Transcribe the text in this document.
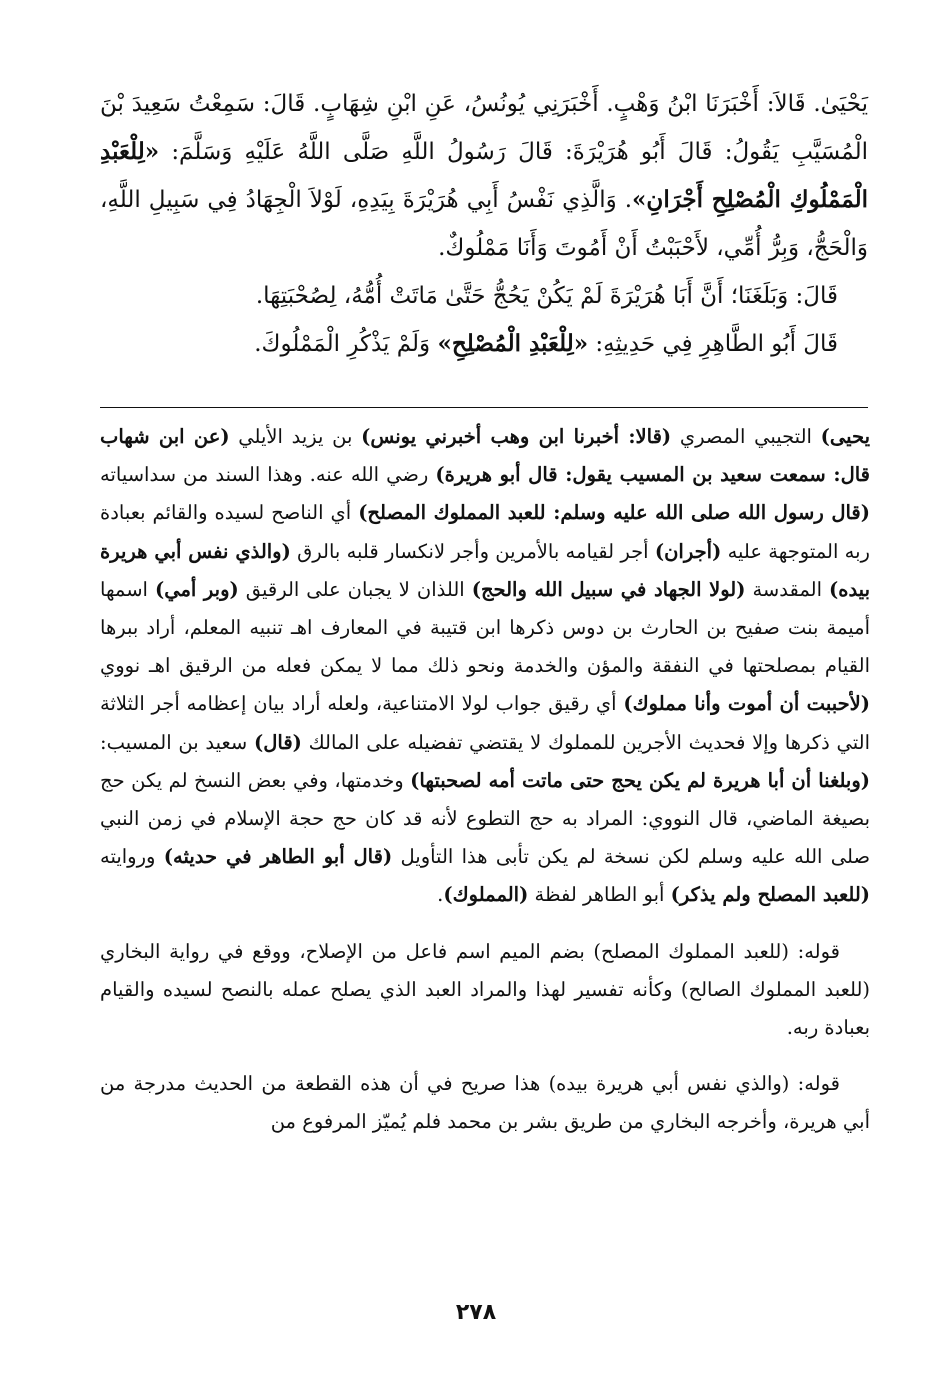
يَحْيَىٰ. قَالاَ: أَخْبَرَنَا ابْنُ وَهْبٍ. أَخْبَرَنِي يُونُسُ، عَنِ ابْنِ شِهَابٍ. قَالَ: سَمِعْتُ سَعِيدَ بْنَ الْمُسَيَّبِ يَقُولُ: قَالَ أَبُو هُرَيْرَةَ: قَالَ رَسُولُ اللَّهِ صَلَّى اللَّهُ عَلَيْهِ وَسَلَّمَ: «لِلْعَبْدِ الْمَمْلُوكِ الْمُصْلِحِ أَجْرَانِ». وَالَّذِي نَفْسُ أَبِي هُرَيْرَةَ بِيَدِهِ، لَوْلاَ الْجِهَادُ فِي سَبِيلِ اللَّهِ، وَالْحَجُّ، وَبِرُّ أُمِّي، لأَحْبَبْتُ أَنْ أَمُوتَ وَأَنَا مَمْلُوكٌ.

قَالَ: وَبَلَغَنَا؛ أَنَّ أَبَا هُرَيْرَةَ لَمْ يَكُنْ يَحُجُّ حَتَّىٰ مَاتَتْ أُمُّهُ، لِصُحْبَتِهَا.

قَالَ أَبُو الطَّاهِرِ فِي حَدِيثِهِ: «لِلْعَبْدِ الْمُصْلِحِ» وَلَمْ يَذْكُرِ الْمَمْلُوكَ.

يحيى) التجيبي المصري (قالا: أخبرنا ابن وهب أخبرني يونس) بن يزيد الأيلي (عن ابن شهاب قال: سمعت سعيد بن المسيب يقول: قال أبو هريرة) رضي الله عنه. وهذا السند من سداسياته (قال رسول الله صلى الله عليه وسلم: للعبد المملوك المصلح) أي الناصح لسيده والقائم بعبادة ربه المتوجهة عليه (أجران) أجر لقيامه بالأمرين وأجر لانكسار قلبه بالرق (والذي نفس أبي هريرة بيده) المقدسة (لولا الجهاد في سبيل الله والحج) اللذان لا يجبان على الرقيق (وبر أمي) اسمها أميمة بنت صفيح بن الحارث بن دوس ذكرها ابن قتيبة في المعارف اهـ تنبيه المعلم، أراد ببرها القيام بمصلحتها في النفقة والمؤن والخدمة ونحو ذلك مما لا يمكن فعله من الرقيق اهـ نووي (لأحببت أن أموت وأنا مملوك) أي رقيق جواب لولا الامتناعية، ولعله أراد بيان إعظامه أجر الثلاثة التي ذكرها وإلا فحديث الأجرين للمملوك لا يقتضي تفضيله على المالك (قال) سعيد بن المسيب: (وبلغنا أن أبا هريرة لم يكن يحج حتى ماتت أمه لصحبتها) وخدمتها، وفي بعض النسخ لم يكن حج بصيغة الماضي، قال النووي: المراد به حج التطوع لأنه قد كان حج حجة الإسلام في زمن النبي صلى الله عليه وسلم لكن نسخة لم يكن تأبى هذا التأويل (قال أبو الطاهر في حديثه) وروايته (للعبد المصلح ولم يذكر) أبو الطاهر لفظة (المملوك).

قوله: (للعبد المملوك المصلح) بضم الميم اسم فاعل من الإصلاح، ووقع في رواية البخاري (للعبد المملوك الصالح) وكأنه تفسير لهذا والمراد العبد الذي يصلح عمله بالنصح لسيده والقيام بعبادة ربه.

قوله: (والذي نفس أبي هريرة بيده) هذا صريح في أن هذه القطعة من الحديث مدرجة من أبي هريرة، وأخرجه البخاري من طريق بشر بن محمد فلم يُميّز المرفوع من

٢٧٨
